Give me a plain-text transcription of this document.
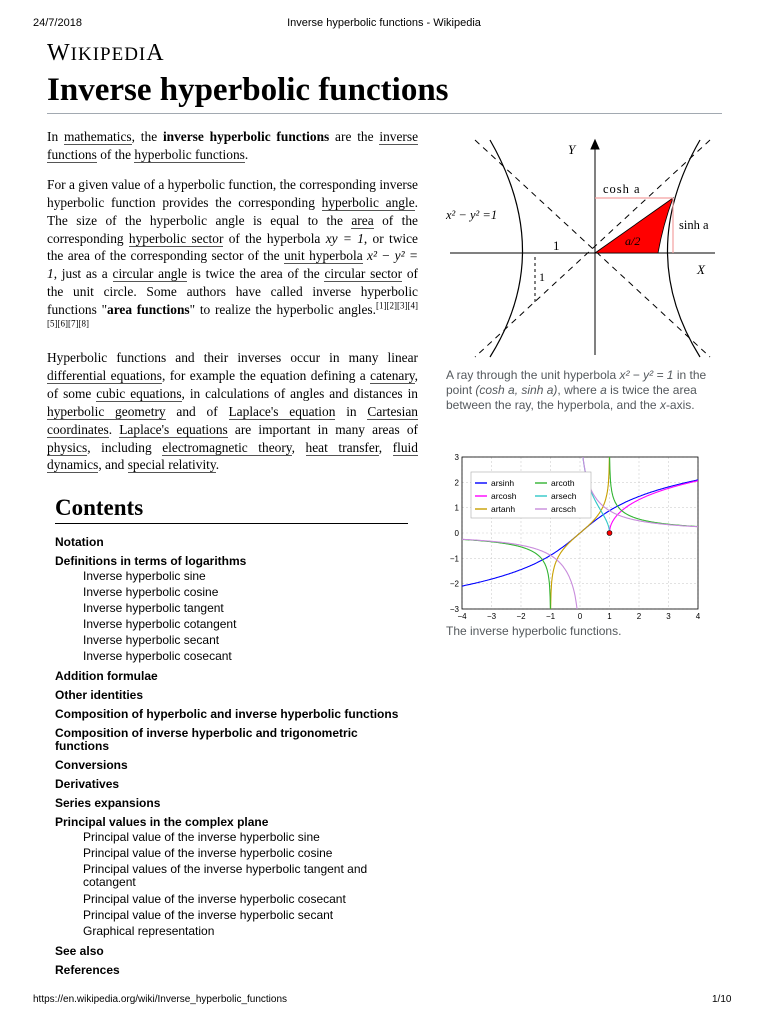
24/7/2018	Inverse hyperbolic functions - Wikipedia
WIKIPEDIA
Inverse hyperbolic functions

In mathematics, the inverse hyperbolic functions are the inverse functions of the hyperbolic functions.

For a given value of a hyperbolic function, the corresponding inverse hyperbolic function provides the corresponding hyperbolic angle. The size of the hyperbolic angle is equal to the area of the corresponding hyperbolic sector of the hyperbola xy = 1, or twice the area of the corresponding sector of the unit hyperbola x² − y² = 1, just as a circular angle is twice the area of the circular sector of the unit circle. Some authors have called inverse hyperbolic functions "area functions" to realize the hyperbolic angles.[1][2][3][4][5][6][7][8]

Hyperbolic functions and their inverses occur in many linear differential equations, for example the equation defining a catenary, of some cubic equations, in calculations of angles and distances in hyperbolic geometry and of Laplace's equation in Cartesian coordinates. Laplace's equations are important in many areas of physics, including electromagnetic theory, heat transfer, fluid dynamics, and special relativity.

Y
X
cosh a
sinh a
x² − y² =1
a/2
1
1
A ray through the unit hyperbola x² − y² = 1 in the point (cosh a, sinh a), where a is twice the area between the ray, the hyperbola, and the x-axis.
−4	−3	−2	−1	0	1	2	3	4
3
2
1
0
−1
−2
−3
arsinh
arcosh
artanh
arcoth
arsech
arcsch
The inverse hyperbolic functions.
Contents
Notation
Definitions in terms of logarithms
Inverse hyperbolic sine
Inverse hyperbolic cosine
Inverse hyperbolic tangent
Inverse hyperbolic cotangent
Inverse hyperbolic secant
Inverse hyperbolic cosecant
Addition formulae
Other identities
Composition of hyperbolic and inverse hyperbolic functions
Composition of inverse hyperbolic and trigonometric functions
Conversions
Derivatives
Series expansions
Principal values in the complex plane
Principal value of the inverse hyperbolic sine
Principal value of the inverse hyperbolic cosine
Principal values of the inverse hyperbolic tangent and cotangent
Principal value of the inverse hyperbolic cosecant
Principal value of the inverse hyperbolic secant
Graphical representation
See also
References
https://en.wikipedia.org/wiki/Inverse_hyperbolic_functions	1/10
